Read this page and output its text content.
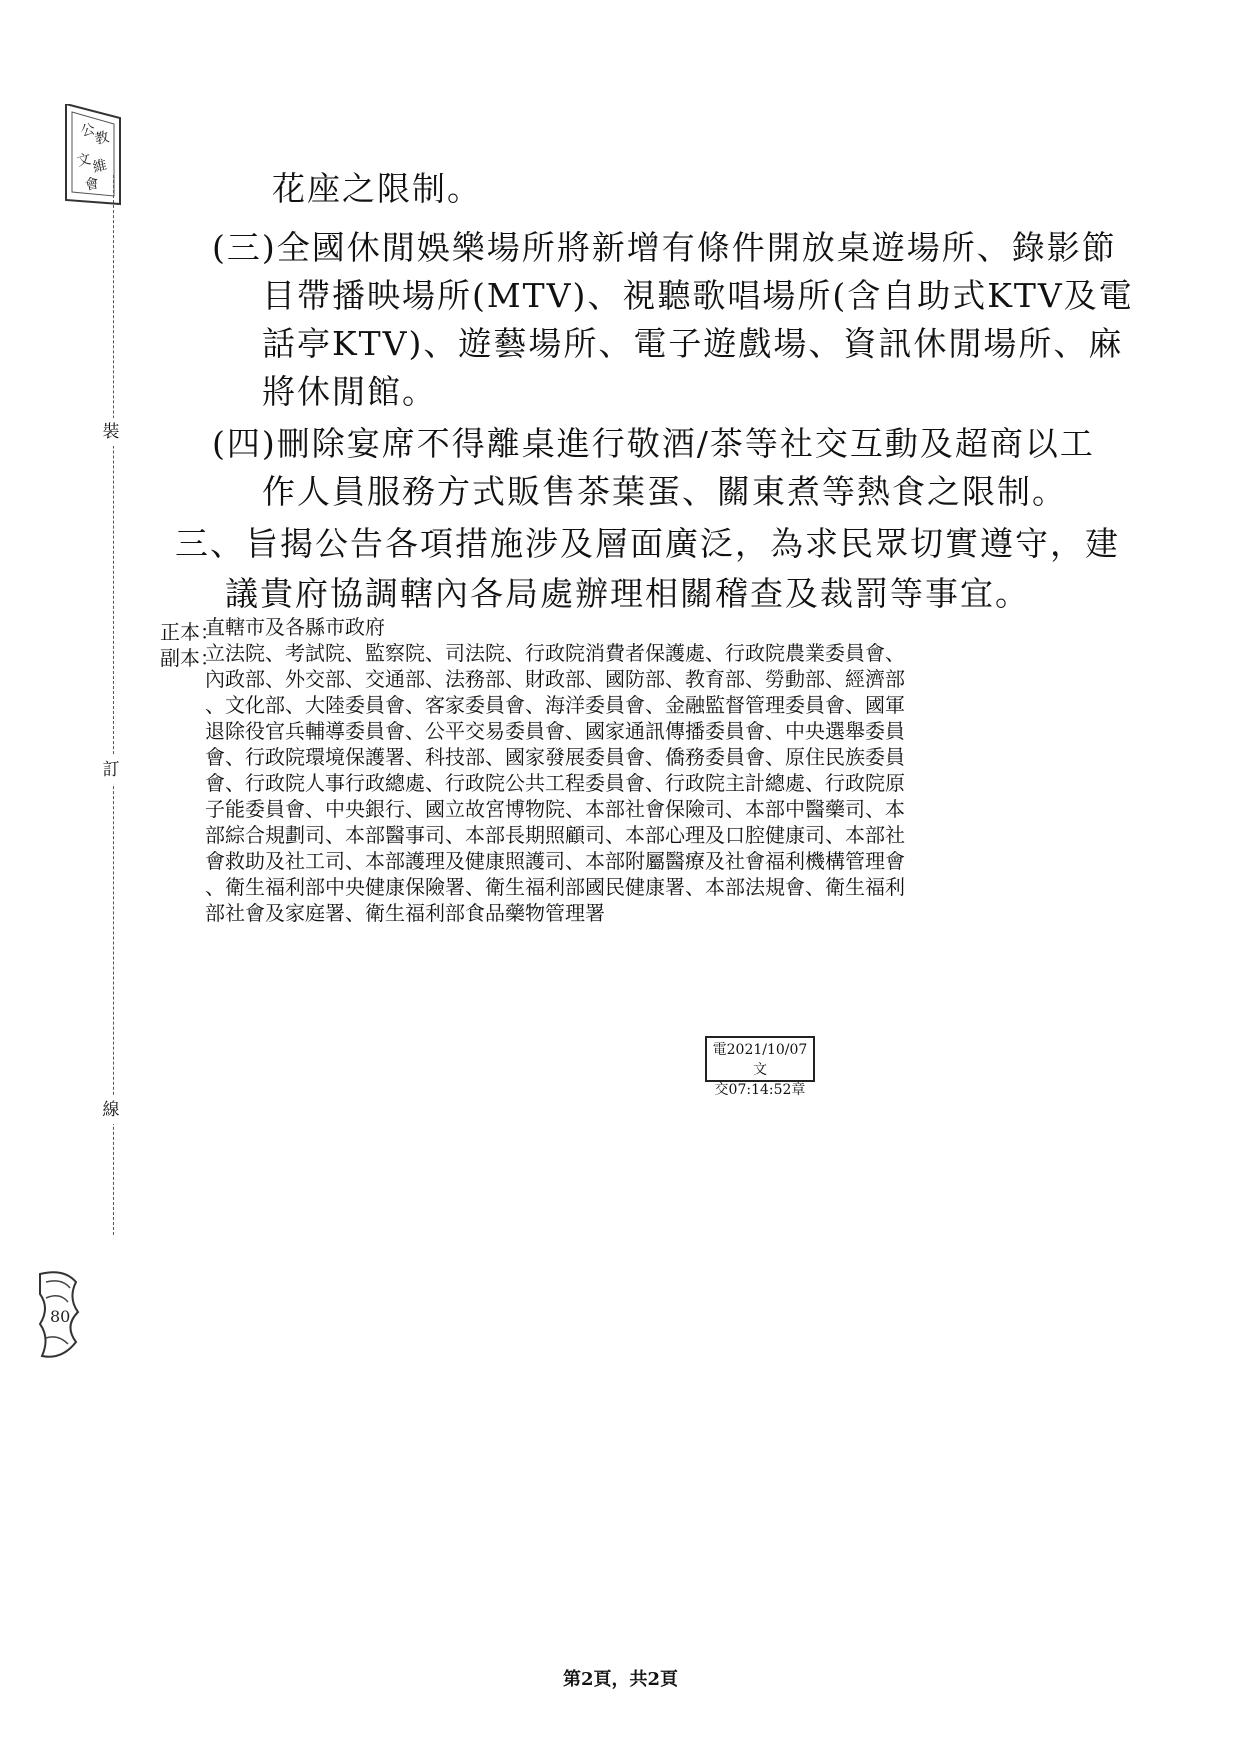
裝
訂
線
公
教
文
維
會
80
花座之限制。
(三)全國休閒娛樂場所將新增有條件開放桌遊場所、錄影節
目帶播映場所(MTV)、視聽歌唱場所(含自助式KTV及電
話亭KTV)、遊藝場所、電子遊戲場、資訊休閒場所、麻
將休閒館。
(四)刪除宴席不得離桌進行敬酒/茶等社交互動及超商以工
作人員服務方式販售茶葉蛋、關東煮等熱食之限制。
三、旨揭公告各項措施涉及層面廣泛，為求民眾切實遵守，建
議貴府協調轄內各局處辦理相關稽查及裁罰等事宜。
正本：
直轄市及各縣市政府
副本：
立法院、考試院、監察院、司法院、行政院消費者保護處、行政院農業委員會、
內政部、外交部、交通部、法務部、財政部、國防部、教育部、勞動部、經濟部
、文化部、大陸委員會、客家委員會、海洋委員會、金融監督管理委員會、國軍
退除役官兵輔導委員會、公平交易委員會、國家通訊傳播委員會、中央選舉委員
會、行政院環境保護署、科技部、國家發展委員會、僑務委員會、原住民族委員
會、行政院人事行政總處、行政院公共工程委員會、行政院主計總處、行政院原
子能委員會、中央銀行、國立故宮博物院、本部社會保險司、本部中醫藥司、本
部綜合規劃司、本部醫事司、本部長期照顧司、本部心理及口腔健康司、本部社
會救助及社工司、本部護理及健康照護司、本部附屬醫療及社會福利機構管理會
、衛生福利部中央健康保險署、衛生福利部國民健康署、本部法規會、衛生福利
部社會及家庭署、衛生福利部食品藥物管理署
電2021/10/07文
交07:14:52章
第2頁，共2頁
